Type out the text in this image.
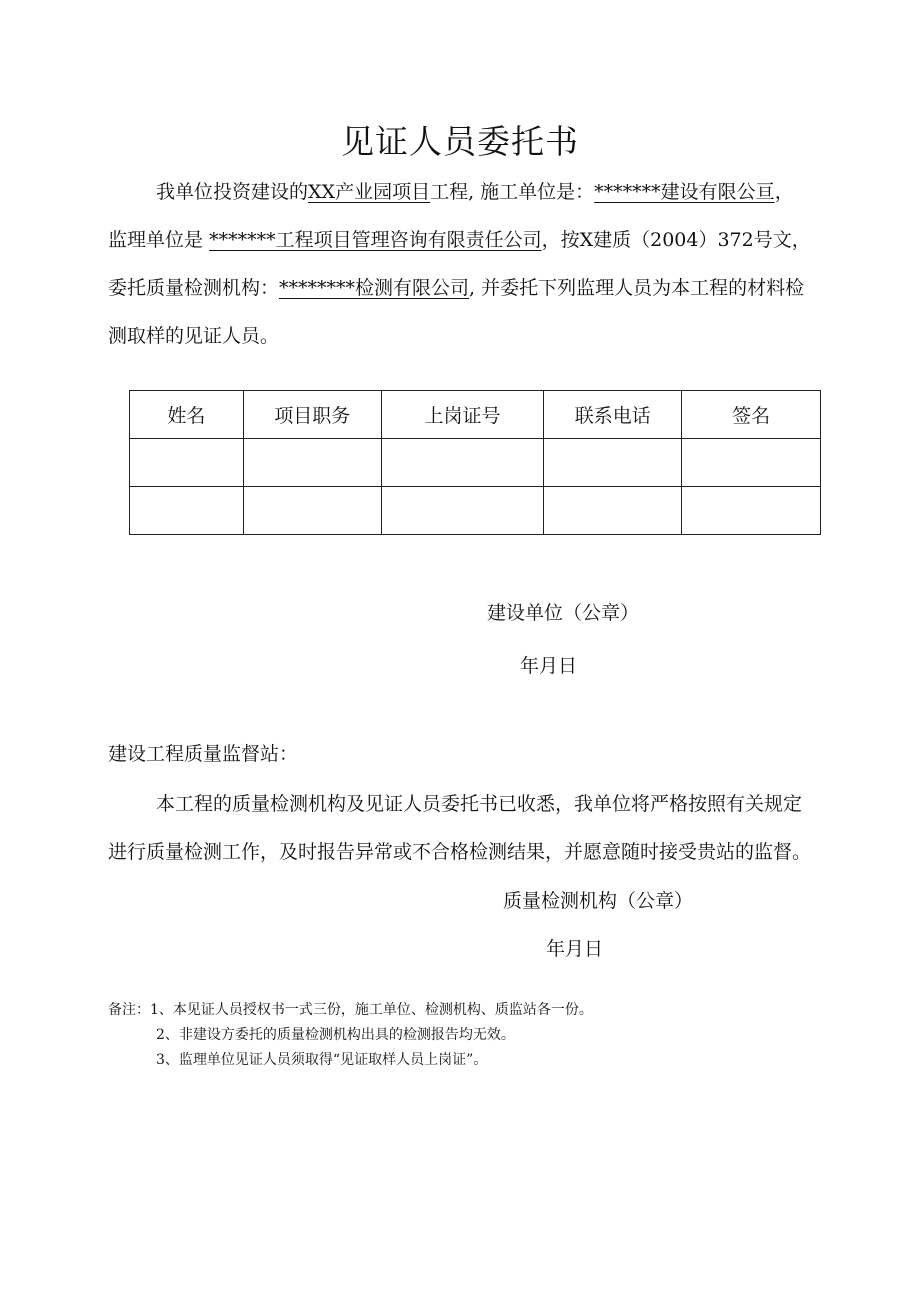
见证人员委托书
我单位投资建设的XX产业园项目工程, 施工单位是：*******建设有限公亘，
监理单位是 *******工程项目管理咨询有限责任公司，按X建质（2004）372号文，
委托质量检测机构：********检测有限公司, 并委托下列监理人员为本工程的材料检
测取样的见证人员。
姓名	项目职务	上岗证号	联系电话	签名

建设单位（公章）
年月日
建设工程质量监督站：
本工程的质量检测机构及见证人员委托书已收悉，我单位将严格按照有关规定
进行质量检测工作，及时报告异常或不合格检测结果，并愿意随时接受贵站的监督。
质量检测机构（公章）
年月日
备注：1、本见证人员授权书一式三份，施工单位、检测机构、质监站各一份。
2、非建设方委托的质量检测机构出具的检测报告均无效。
3、监理单位见证人员须取得“见证取样人员上岗证”。
